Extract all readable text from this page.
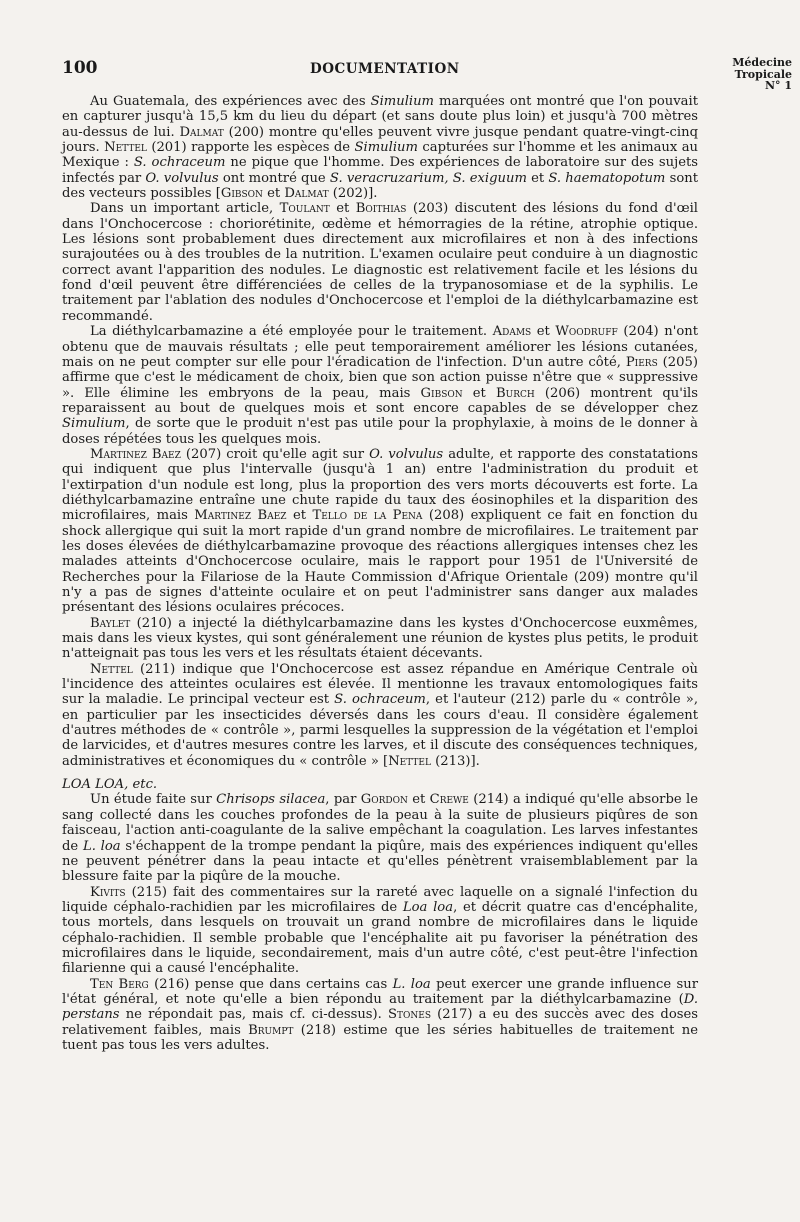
100	DOCUMENTATION	Médecine
Tropicale
N° 1

Au Guatemala, des expériences avec des Simulium marquées ont montré que l'on pouvait en capturer jusqu'à 15,5 km du lieu du départ (et sans doute plus loin) et jusqu'à 700 mètres au-dessus de lui. Dalmat (200) montre qu'elles peuvent vivre jusque pendant quatre-vingt-cinq jours. Nettel (201) rapporte les espèces de Simulium capturées sur l'homme et les animaux au Mexique : S. ochraceum ne pique que l'homme. Des expériences de laboratoire sur des sujets infectés par O. volvulus ont montré que S. veracruzarium, S. exiguum et S. haematopotum sont des vecteurs possibles [Gibson et Dalmat (202)].

Dans un important article, Toulant et Boithias (203) discutent des lésions du fond d'œil dans l'Onchocercose : choriorétinite, œdème et hémorragies de la rétine, atrophie optique. Les lésions sont probablement dues directement aux microfilaires et non à des infections surajoutées ou à des troubles de la nutrition. L'examen oculaire peut conduire à un diagnostic correct avant l'apparition des nodules. Le diagnostic est relativement facile et les lésions du fond d'œil peuvent être différenciées de celles de la trypanosomiase et de la syphilis. Le traitement par l'ablation des nodules d'Onchocercose et l'emploi de la diéthylcarbamazine est recommandé.

La diéthylcarbamazine a été employée pour le traitement. Adams et Woodruff (204) n'ont obtenu que de mauvais résultats ; elle peut temporairement améliorer les lésions cutanées, mais on ne peut compter sur elle pour l'éradication de l'infection. D'un autre côté, Piers (205) affirme que c'est le médicament de choix, bien que son action puisse n'être que « suppressive ». Elle élimine les embryons de la peau, mais Gibson et Burch (206) montrent qu'ils reparaissent au bout de quelques mois et sont encore capables de se développer chez Simulium, de sorte que le produit n'est pas utile pour la prophylaxie, à moins de le donner à doses répétées tous les quelques mois.

Martinez Baez (207) croit qu'elle agit sur O. volvulus adulte, et rapporte des constatations qui indiquent que plus l'intervalle (jusqu'à 1 an) entre l'administration du produit et l'extirpation d'un nodule est long, plus la proportion des vers morts découverts est forte. La diéthylcarbamazine entraîne une chute rapide du taux des éosinophiles et la disparition des microfilaires, mais Martinez Baez et Tello de la Pena (208) expliquent ce fait en fonction du shock allergique qui suit la mort rapide d'un grand nombre de microfilaires. Le traitement par les doses élevées de diéthylcarbamazine provoque des réactions allergiques intenses chez les malades atteints d'Onchocercose oculaire, mais le rapport pour 1951 de l'Université de Recherches pour la Filariose de la Haute Commission d'Afrique Orientale (209) montre qu'il n'y a pas de signes d'atteinte oculaire et on peut l'administrer sans danger aux malades présentant des lésions oculaires précoces.

Baylet (210) a injecté la diéthylcarbamazine dans les kystes d'Onchocercose euxmêmes, mais dans les vieux kystes, qui sont généralement une réunion de kystes plus petits, le produit n'atteignait pas tous les vers et les résultats étaient décevants.

Nettel (211) indique que l'Onchocercose est assez répandue en Amérique Centrale où l'incidence des atteintes oculaires est élevée. Il mentionne les travaux entomologiques faits sur la maladie. Le principal vecteur est S. ochraceum, et l'auteur (212) parle du « contrôle », en particulier par les insecticides déversés dans les cours d'eau. Il considère également d'autres méthodes de « contrôle », parmi lesquelles la suppression de la végétation et l'emploi de larvicides, et d'autres mesures contre les larves, et il discute des conséquences techniques, administratives et économiques du « contrôle » [Nettel (213)].

LOA LOA, etc.

Un étude faite sur Chrisops silacea, par Gordon et Crewe (214) a indiqué qu'elle absorbe le sang collecté dans les couches profondes de la peau à la suite de plusieurs piqûres de son faisceau, l'action anti-coagulante de la salive empêchant la coagulation. Les larves infestantes de L. loa s'échappent de la trompe pendant la piqûre, mais des expériences indiquent qu'elles ne peuvent pénétrer dans la peau intacte et qu'elles pénètrent vraisemblablement par la blessure faite par la piqûre de la mouche.

Kivits (215) fait des commentaires sur la rareté avec laquelle on a signalé l'infection du liquide céphalo-rachidien par les microfilaires de Loa loa, et décrit quatre cas d'encéphalite, tous mortels, dans lesquels on trouvait un grand nombre de microfilaires dans le liquide céphalo-rachidien. Il semble probable que l'encéphalite ait pu favoriser la pénétration des microfilaires dans le liquide, secondairement, mais d'un autre côté, c'est peut-être l'infection filarienne qui a causé l'encéphalite.

Ten Berg (216) pense que dans certains cas L. loa peut exercer une grande influence sur l'état général, et note qu'elle a bien répondu au traitement par la diéthylcarbamazine (D. perstans ne répondait pas, mais cf. ci-dessus). Stones (217) a eu des succès avec des doses relativement faibles, mais Brumpt (218) estime que les séries habituelles de traitement ne tuent pas tous les vers adultes.
